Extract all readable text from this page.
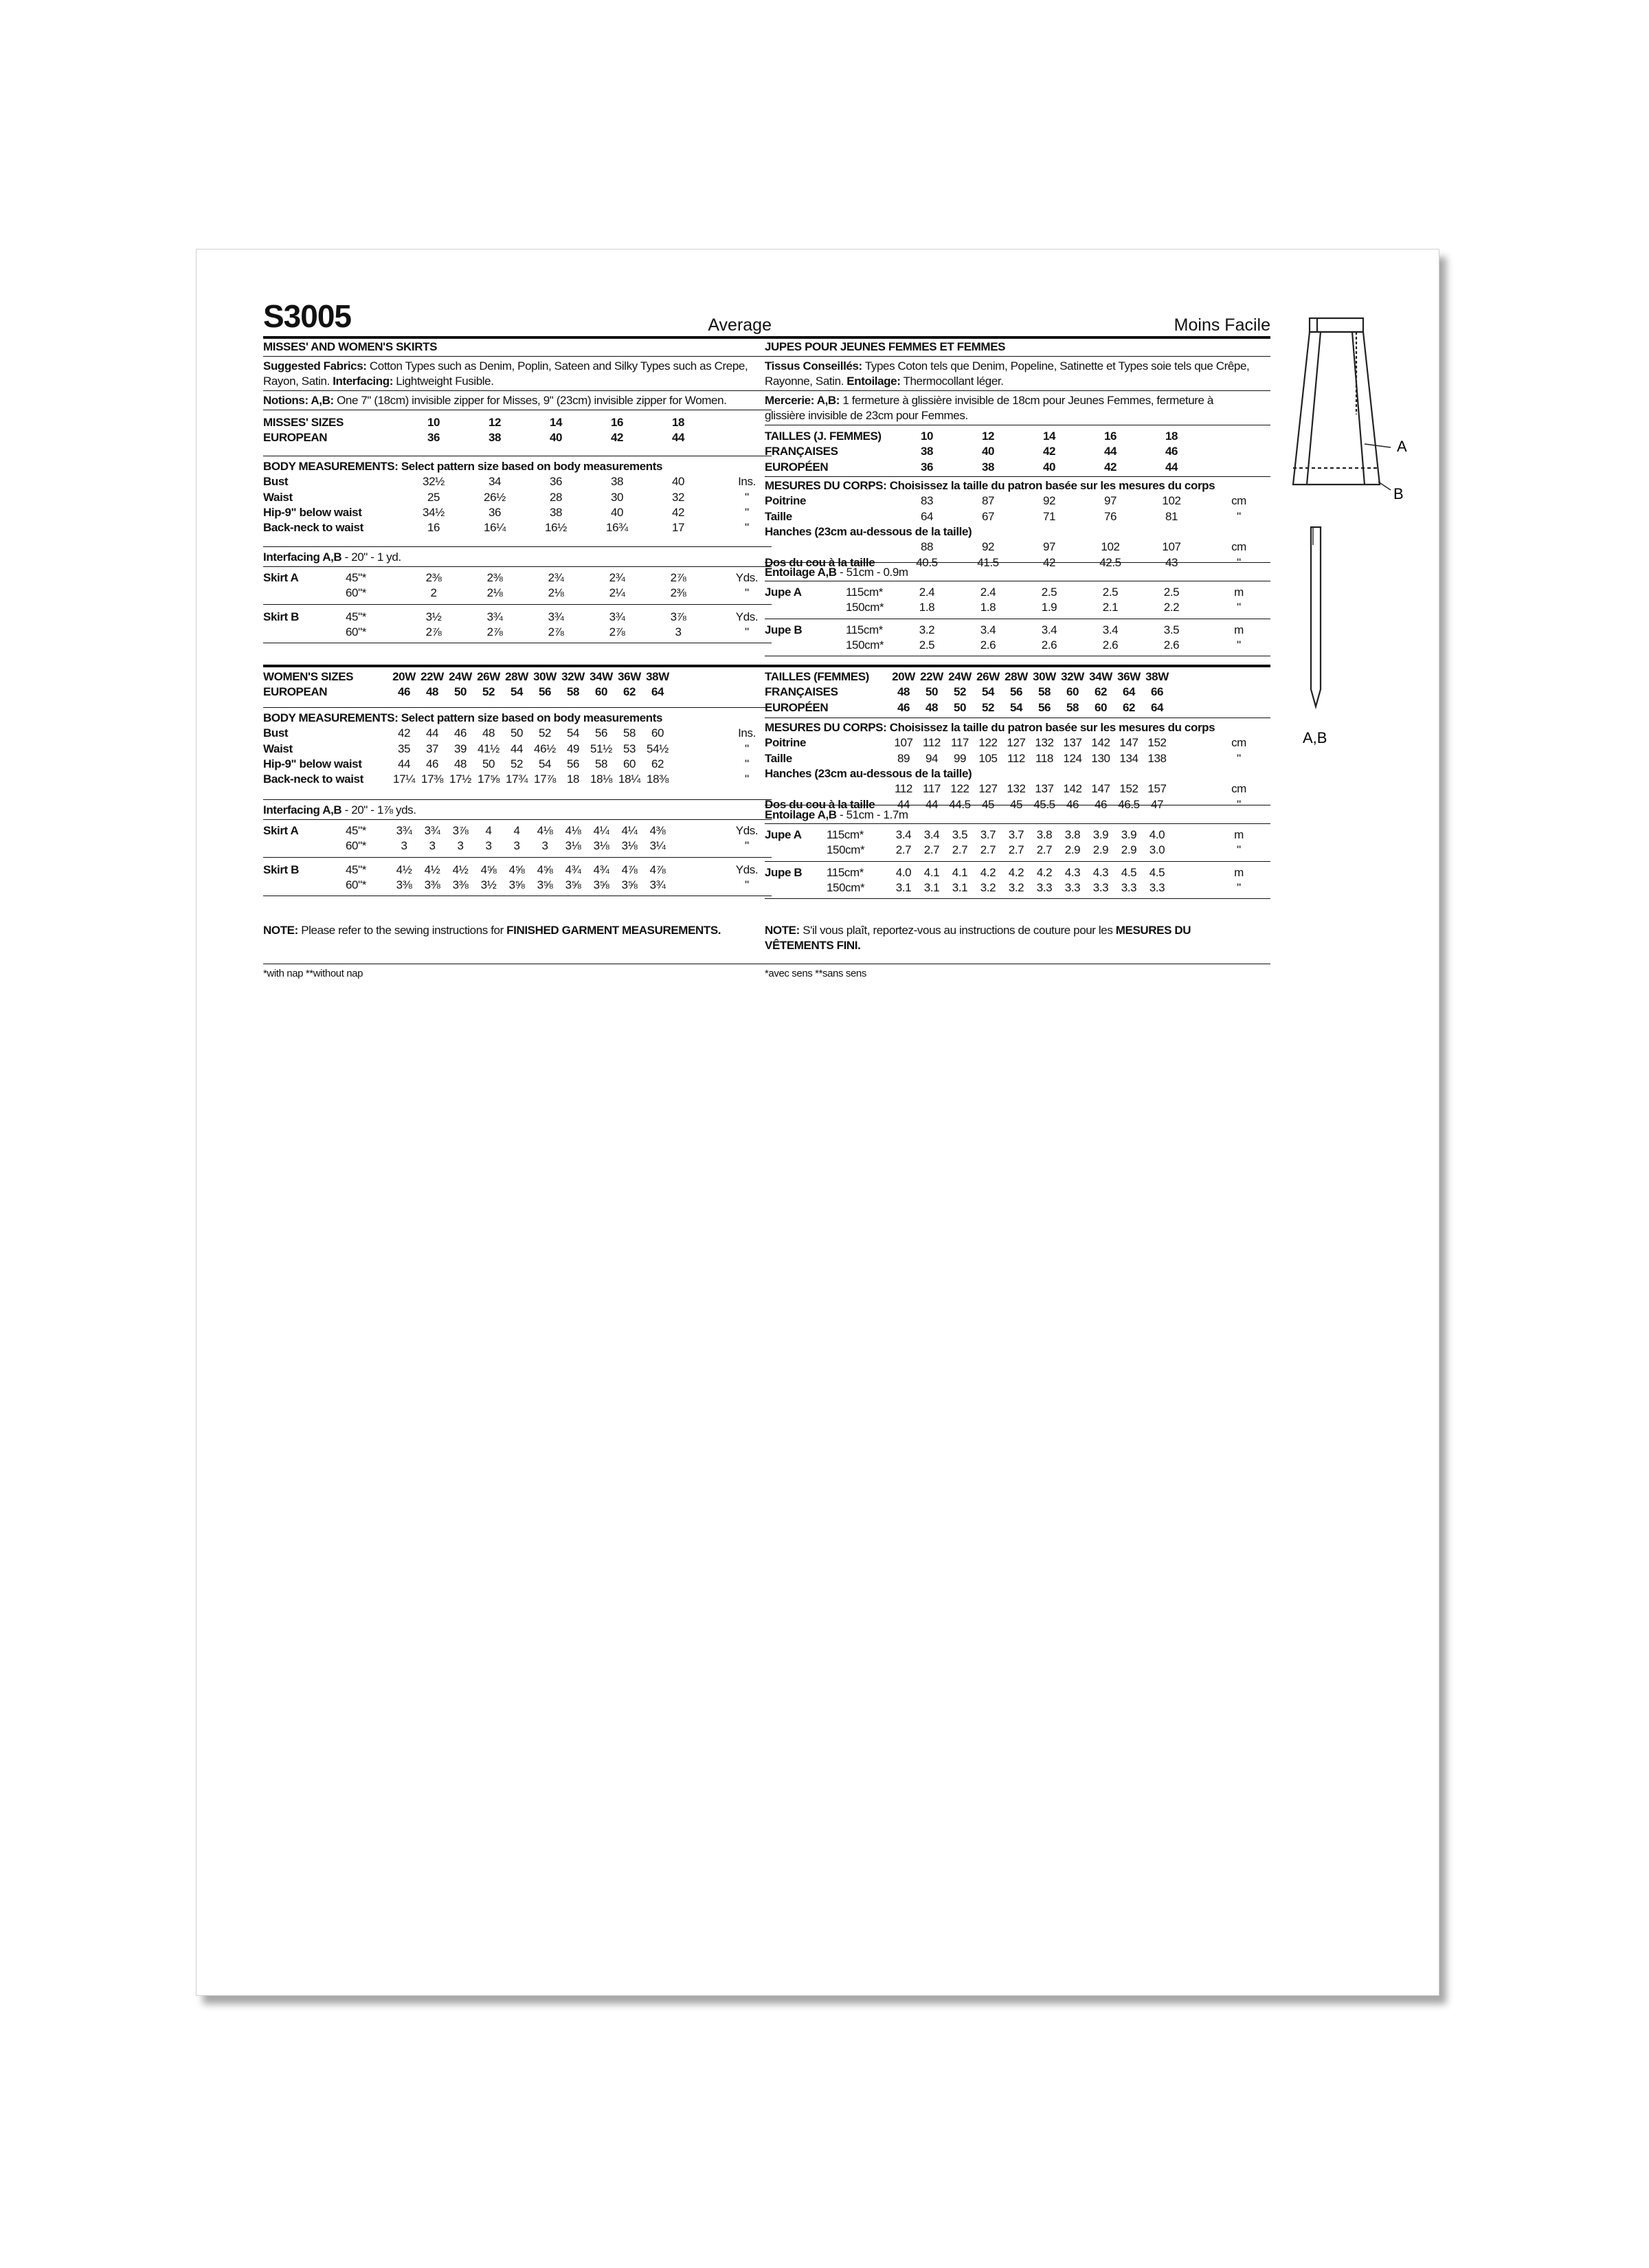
S3005	Average
MISSES' AND WOMEN'S SKIRTS
Suggested Fabrics: Cotton Types such as Denim, Poplin, Sateen and Silky Types such as Crepe,
Rayon, Satin. Interfacing: Lightweight Fusible.
Notions: A,B: One 7" (18cm) invisible zipper for Misses, 9" (23cm) invisible zipper for Women.
MISSES' SIZES	10	12	14	16	18
EUROPEAN	36	38	40	42	44
BODY MEASUREMENTS: Select pattern size based on body measurements
Bust	32½	34	36	38	40	Ins.
Waist	25	26½	28	30	32	"
Hip-9" below waist	34½	36	38	40	42	"
Back-neck to waist	16	16¼	16½	16¾	17	"
Interfacing A,B - 20" - 1 yd.
Skirt A	45"*	2⅜	2⅜	2¾	2¾	2⅞	Yds.
60"*	2	2⅛	2⅛	2¼	2⅜	"
Skirt B	45"*	3½	3¾	3¾	3¾	3⅞	Yds.
60"*	2⅞	2⅞	2⅞	2⅞	3	"
WOMEN'S SIZES	20W 22W 24W 26W 28W 30W 32W 34W 36W 38W
EUROPEAN	46	48	50	52	54	56	58	60	62	64
BODY MEASUREMENTS: Select pattern size based on body measurements
Bust	42	44	46	48	50	52	54	56	58	60	Ins.
Waist	35	37	39 41½ 44 46½ 49 51½ 53 54½	"
Hip-9" below waist	44	46	48	50	52	54	56	58	60	62	"
Back-neck to waist	17¼ 17⅜ 17½ 17⅝ 17¾ 17⅞ 18 18⅛ 18¼ 18⅜	"
Interfacing A,B - 20" - 1⅞ yds.
Skirt A	45"*	3¾	3¾	3⅞	4	4	4⅛	4⅛	4¼	4¼	4⅜	Yds.
60"*	3	3	3	3	3	3	3⅛	3⅛	3⅛	3¼	"
Skirt B	45"*	4½	4½	4½	4⅝	4⅝	4⅝	4¾	4¾	4⅞	4⅞	Yds.
60"*	3⅜	3⅜	3⅜	3½	3⅝	3⅝	3⅝	3⅝	3⅝	3¾	"
NOTE: Please refer to the sewing instructions for FINISHED GARMENT MEASUREMENTS.
*with nap **without nap
Moins Facile
JUPES POUR JEUNES FEMMES ET FEMMES
Tissus Conseillés: Types Coton tels que Denim, Popeline, Satinette et Types soie tels que Crêpe,
Rayonne, Satin. Entoilage: Thermocollant léger.
Mercerie: A,B: 1 fermeture à glissière invisible de 18cm pour Jeunes Femmes, fermeture à
glissière invisible de 23cm pour Femmes.
TAILLES (J. FEMMES)	10	12	14	16	18
FRANÇAISES	38	40	42	44	46
EUROPÉEN	36	38	40	42	44
MESURES DU CORPS: Choisissez la taille du patron basée sur les mesures du corps
Poitrine	83	87	92	97	102	cm
Taille	64	67	71	76	81	"
Hanches (23cm au-dessous de la taille)
88	92	97	102	107	cm
Dos du cou à la taille	40.5	41.5	42	42.5	43	"
Entoilage A,B - 51cm - 0.9m
Jupe A	115cm*	2.4	2.4	2.5	2.5	2.5	m
150cm*	1.8	1.8	1.9	2.1	2.2	"
Jupe B	115cm*	3.2	3.4	3.4	3.4	3.5	m
150cm*	2.5	2.6	2.6	2.6	2.6	"
TAILLES (FEMMES)	20W 22W 24W 26W 28W 30W 32W 34W 36W 38W
FRANÇAISES	48	50	52	54	56	58	60	62	64	66
EUROPÉEN	46	48	50	52	54	56	58	60	62	64
MESURES DU CORPS: Choisissez la taille du patron basée sur les mesures du corps
Poitrine	107 112 117 122 127 132 137 142 147 152	cm
Taille	89	94	99	105 112 118 124 130 134 138	"
Hanches (23cm au-dessous de la taille)
112 117 122 127 132 137 142 147 152 157	cm
Dos du cou à la taille	44	44 44.5 45	45 45.5 46	46 46.5 47	"
Entoilage A,B - 51cm - 1.7m
Jupe A 115cm*	3.4	3.4	3.5	3.7	3.7	3.8	3.8	3.9	3.9	4.0	m
150cm*	2.7	2.7	2.7	2.7	2.7	2.7	2.9	2.9	2.9	3.0	"
Jupe B 115cm*	4.0	4.1	4.1	4.2	4.2	4.2	4.3	4.3	4.5	4.5	m
150cm*	3.1	3.1	3.1	3.2	3.2	3.3	3.3	3.3	3.3	3.3	"
NOTE: S'il vous plaît, reportez-vous au instructions de couture pour les MESURES DU
VÊTEMENTS FINI.
*avec sens **sans sens
A
B
A,B
